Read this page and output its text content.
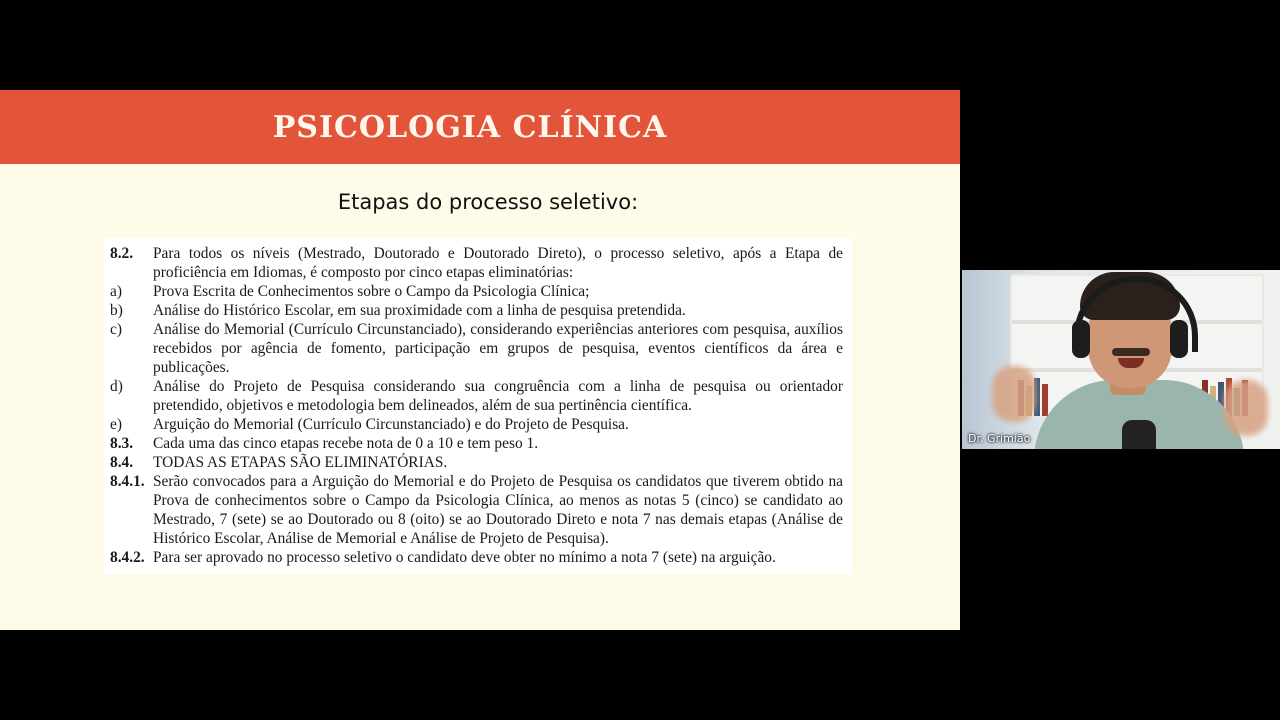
PSICOLOGIA CLÍNICA
Etapas do processo seletivo:
8.2.	Para todos os níveis (Mestrado, Doutorado e Doutorado Direto), o processo seletivo, após a Etapa de proficiência em Idiomas, é composto por cinco etapas eliminatórias:
a)	Prova Escrita de Conhecimentos sobre o Campo da Psicologia Clínica;
b)	Análise do Histórico Escolar, em sua proximidade com a linha de pesquisa pretendida.
c)	Análise do Memorial (Currículo Circunstanciado), considerando experiências anteriores com pesquisa, auxílios recebidos por agência de fomento, participação em grupos de pesquisa, eventos científicos da área e publicações.
d)	Análise do Projeto de Pesquisa considerando sua congruência com a linha de pesquisa ou orientador pretendido, objetivos e metodologia bem delineados, além de sua pertinência científica.
e)	Arguição do Memorial (Currículo Circunstanciado) e do Projeto de Pesquisa.
8.3.	Cada uma das cinco etapas recebe nota de 0 a 10 e tem peso 1.
8.4.	TODAS AS ETAPAS SÃO ELIMINATÓRIAS.
8.4.1. Serão convocados para a Arguição do Memorial e do Projeto de Pesquisa os candidatos que tiverem obtido na Prova de conhecimentos sobre o Campo da Psicologia Clínica, ao menos as notas 5 (cinco) se candidato ao Mestrado, 7 (sete) se ao Doutorado ou 8 (oito) se ao Doutorado Direto e nota 7 nas demais etapas (Análise de Histórico Escolar, Análise de Memorial e Análise de Projeto de Pesquisa).
8.4.2. Para ser aprovado no processo seletivo o candidato deve obter no mínimo a nota 7 (sete) na arguição.
Dr. Grimião
